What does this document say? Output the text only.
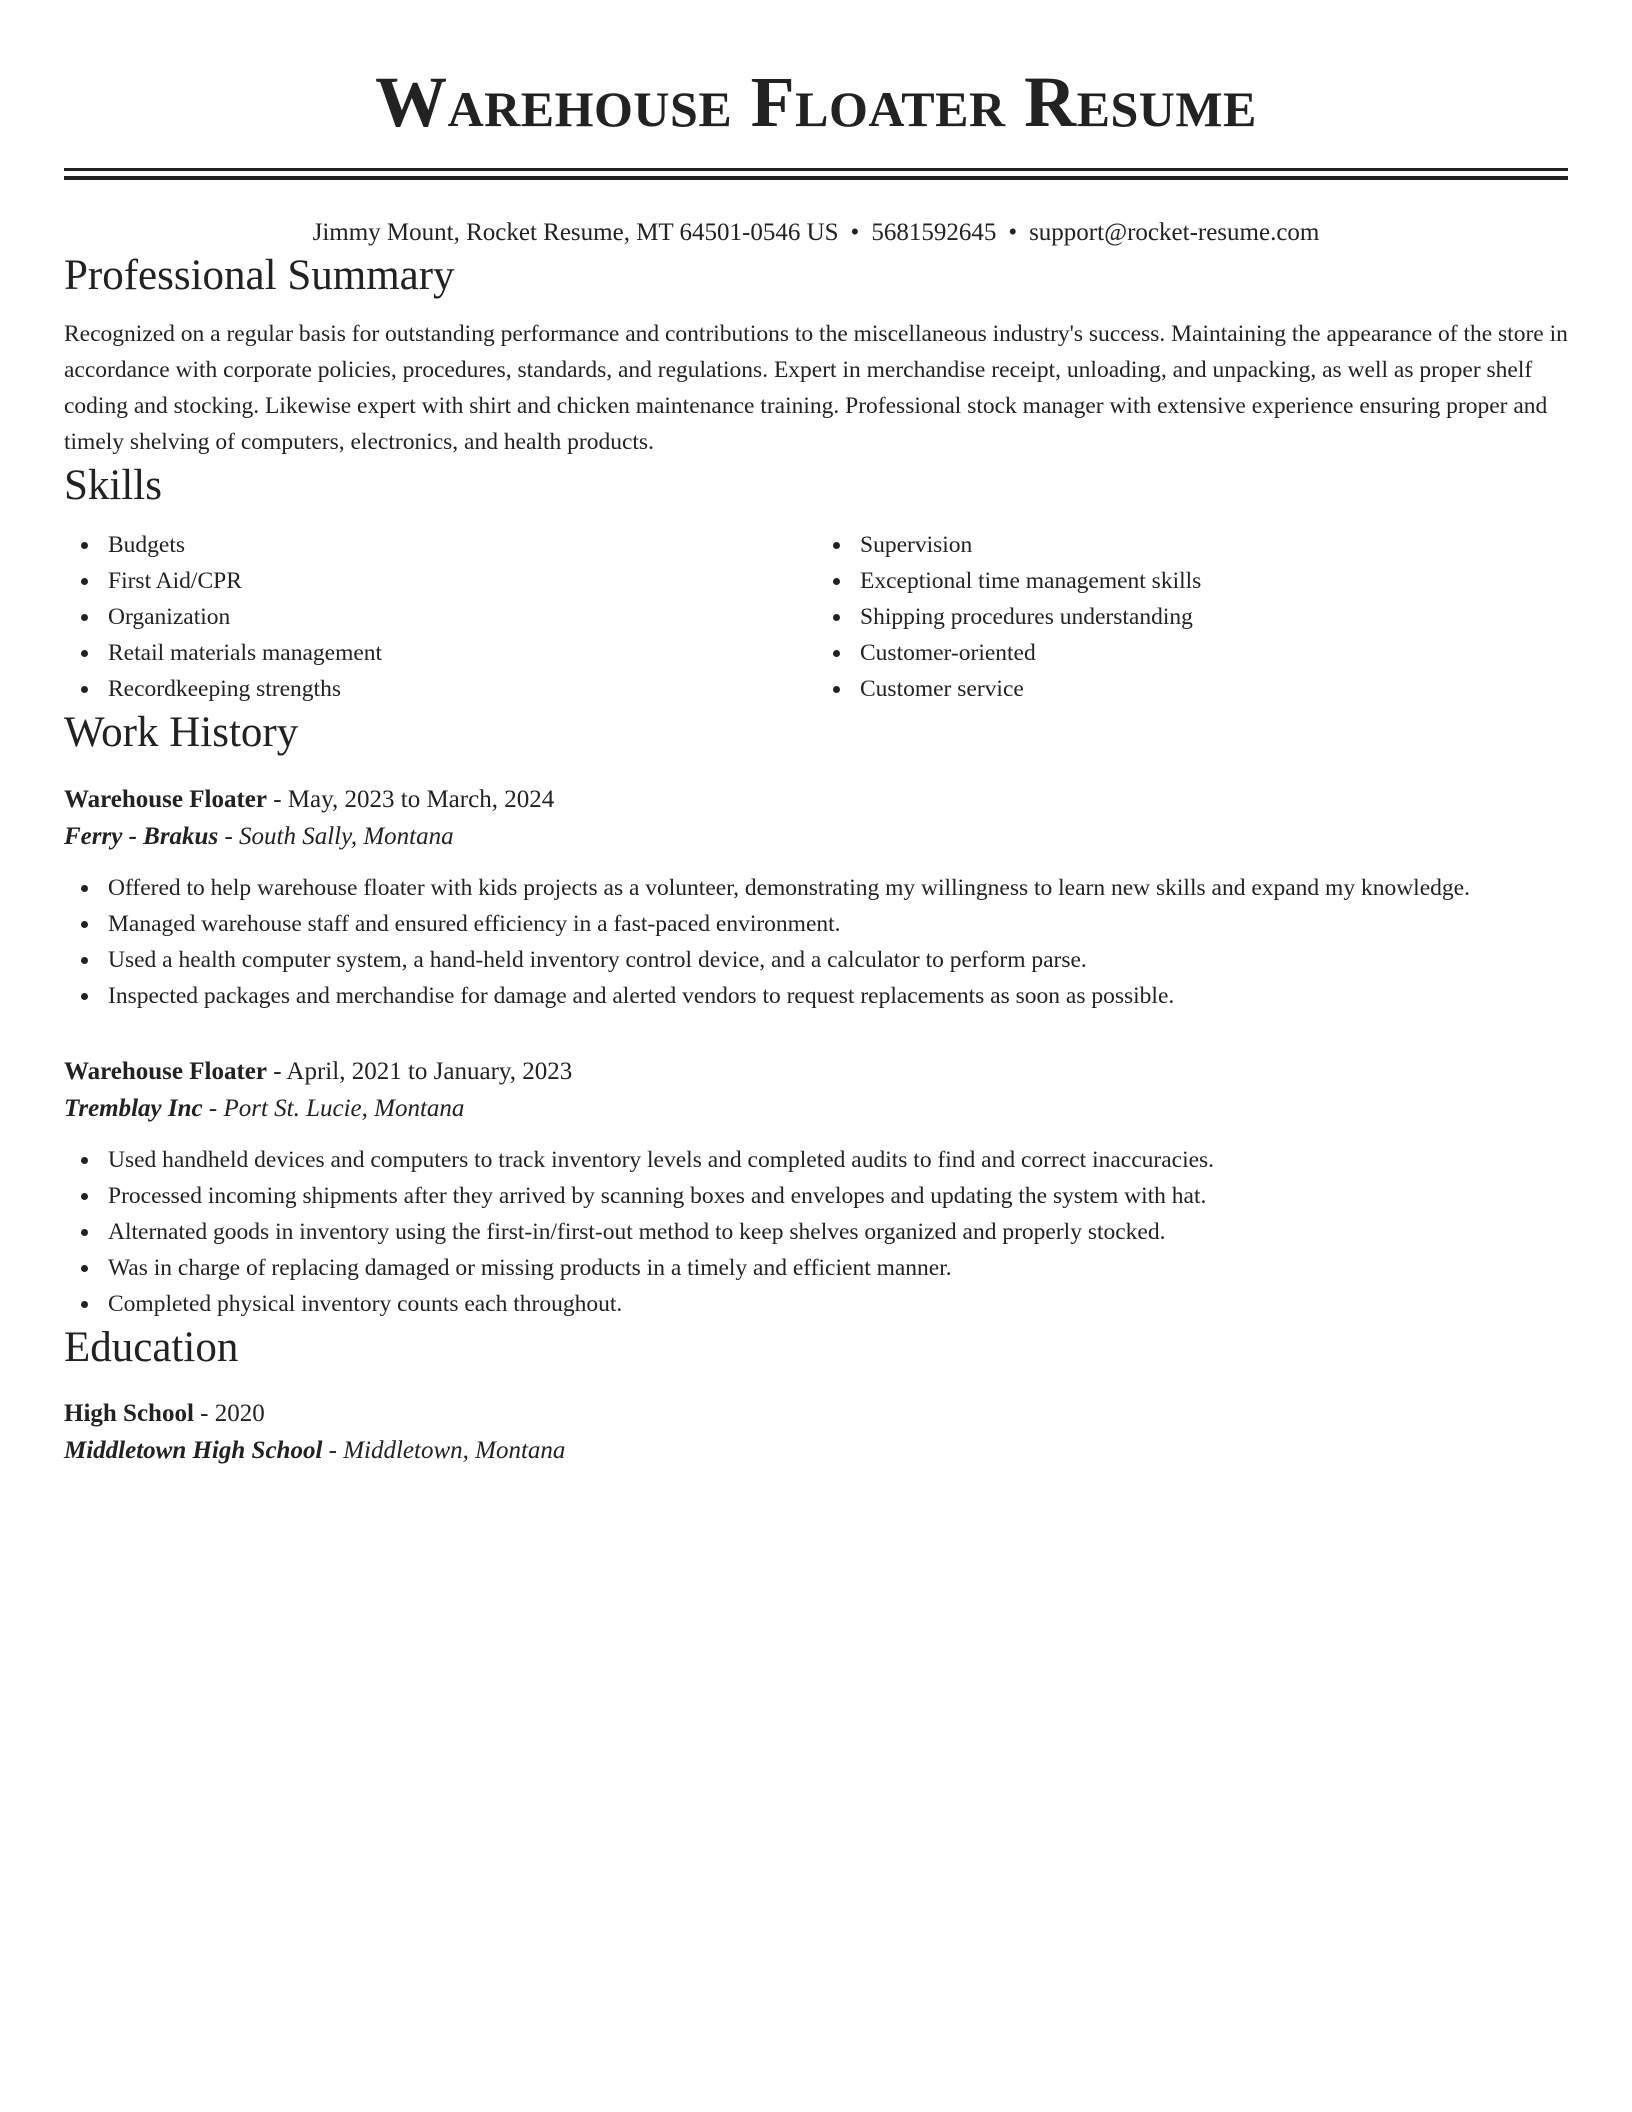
Warehouse Floater Resume
Jimmy Mount, Rocket Resume, MT 64501-0546 US • 5681592645 • support@rocket-resume.com
Professional Summary
Recognized on a regular basis for outstanding performance and contributions to the miscellaneous industry's success. Maintaining the appearance of the store in accordance with corporate policies, procedures, standards, and regulations. Expert in merchandise receipt, unloading, and unpacking, as well as proper shelf coding and stocking. Likewise expert with shirt and chicken maintenance training. Professional stock manager with extensive experience ensuring proper and timely shelving of computers, electronics, and health products.
Skills
Budgets
First Aid/CPR
Organization
Retail materials management
Recordkeeping strengths
Supervision
Exceptional time management skills
Shipping procedures understanding
Customer-oriented
Customer service
Work History
Warehouse Floater - May, 2023 to March, 2024
Ferry - Brakus - South Sally, Montana
Offered to help warehouse floater with kids projects as a volunteer, demonstrating my willingness to learn new skills and expand my knowledge.
Managed warehouse staff and ensured efficiency in a fast-paced environment.
Used a health computer system, a hand-held inventory control device, and a calculator to perform parse.
Inspected packages and merchandise for damage and alerted vendors to request replacements as soon as possible.
Warehouse Floater - April, 2021 to January, 2023
Tremblay Inc - Port St. Lucie, Montana
Used handheld devices and computers to track inventory levels and completed audits to find and correct inaccuracies.
Processed incoming shipments after they arrived by scanning boxes and envelopes and updating the system with hat.
Alternated goods in inventory using the first-in/first-out method to keep shelves organized and properly stocked.
Was in charge of replacing damaged or missing products in a timely and efficient manner.
Completed physical inventory counts each throughout.
Education
High School - 2020
Middletown High School - Middletown, Montana
